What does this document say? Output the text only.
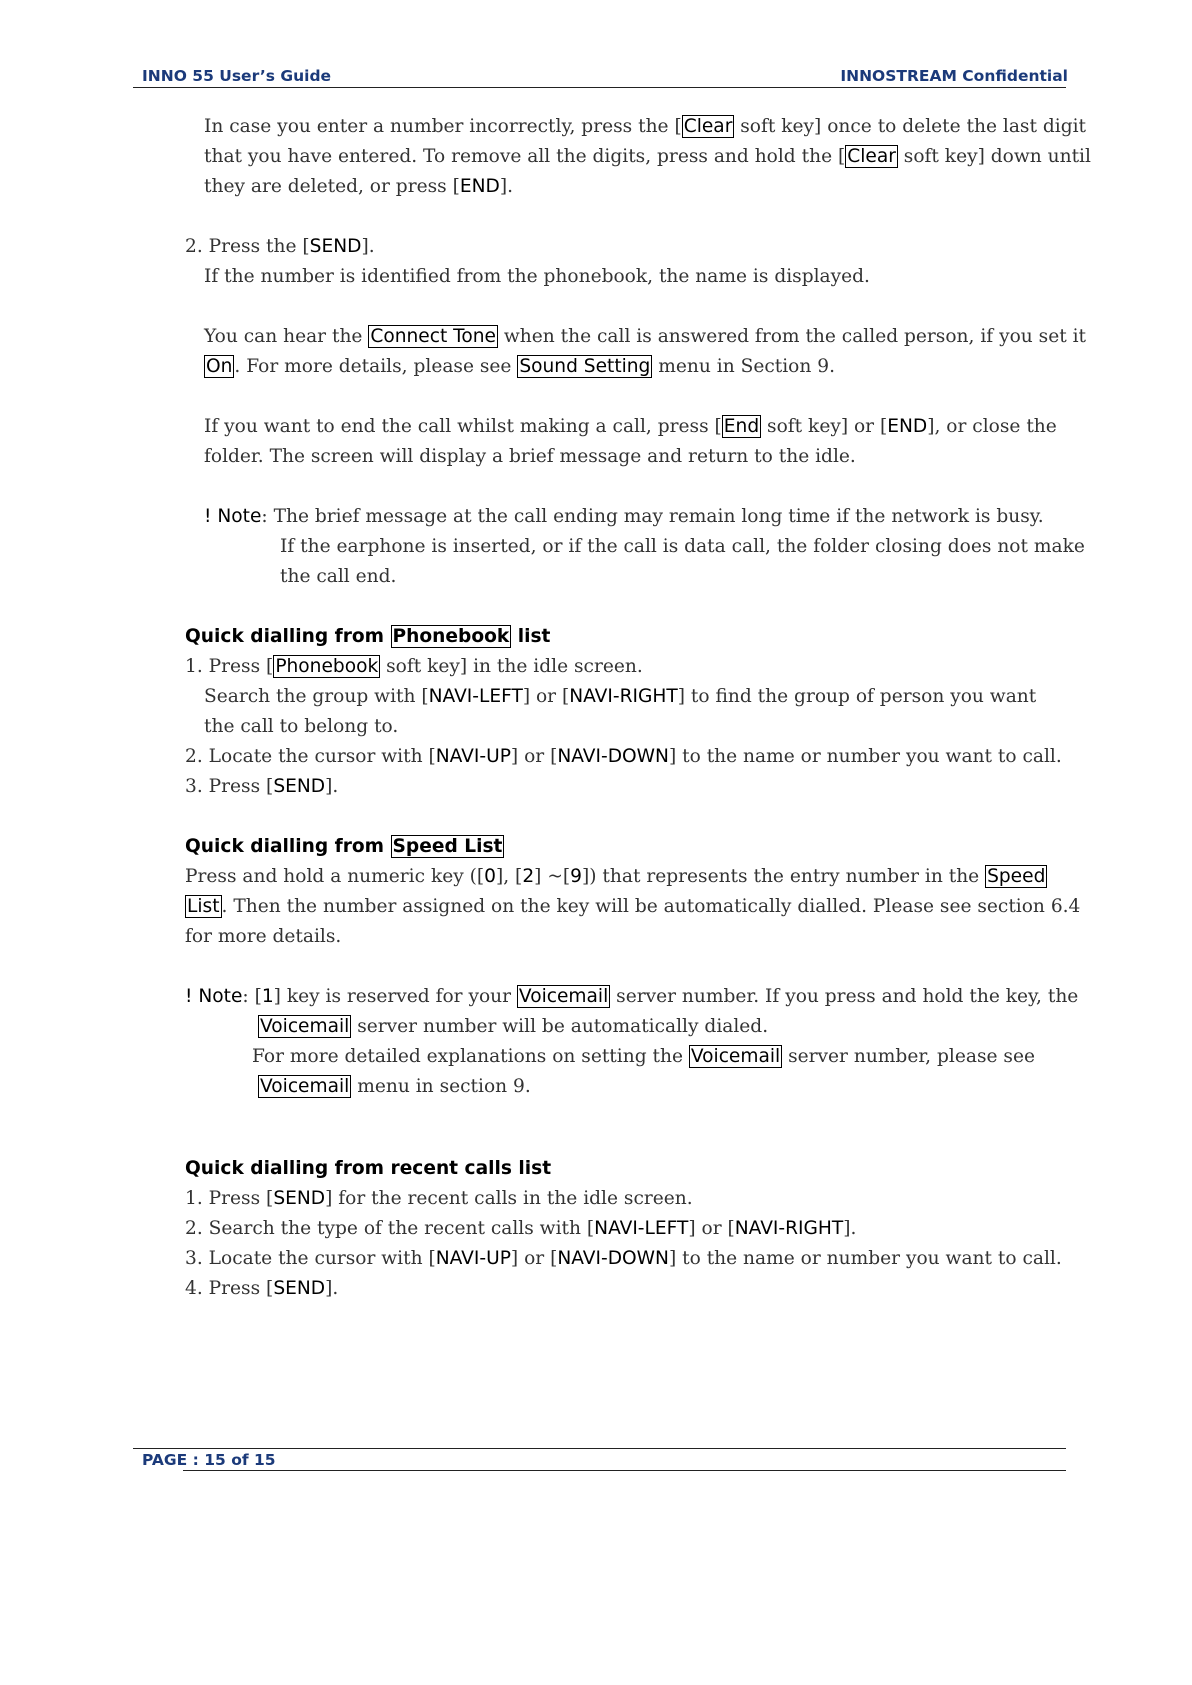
INNO 55 User’s Guide	INNOSTREAM Confidential
In case you enter a number incorrectly, press the [ Clear soft key] once to delete the last digit
that you have entered. To remove all the digits, press and hold the [ Clear soft key] down until
they are deleted, or press [END].
2. Press the [SEND].
If the number is identified from the phonebook, the name is displayed.
You can hear the Connect Tone when the call is answered from the called person, if you set it
On . For more details, please see Sound Setting menu in Section 9.
If you want to end the call whilst making a call, press [ End soft key] or [END], or close the
folder. The screen will display a brief message and return to the idle.
! Note: The brief message at the call ending may remain long time if the network is busy.
If the earphone is inserted, or if the call is data call, the folder closing does not make
the call end.
Quick dialling from Phonebook list
1. Press [ Phonebook soft key] in the idle screen.
Search the group with [NAVI-LEFT] or [NAVI-RIGHT] to find the group of person you want
the call to belong to.
2. Locate the cursor with [NAVI-UP] or [NAVI-DOWN] to the name or number you want to call.
3. Press [SEND].
Quick dialling from Speed List
Press and hold a numeric key ([0], [2] ~[9]) that represents the entry number in the Speed
List . Then the number assigned on the key will be automatically dialled. Please see section 6.4
for more details.
! Note: [1] key is reserved for your Voicemail server number. If you press and hold the key, the
Voicemail server number will be automatically dialed.
For more detailed explanations on setting the Voicemail server number, please see
Voicemail menu in section 9.
Quick dialling from recent calls list
1. Press [SEND] for the recent calls in the idle screen.
2. Search the type of the recent calls with [NAVI-LEFT] or [NAVI-RIGHT].
3. Locate the cursor with [NAVI-UP] or [NAVI-DOWN] to the name or number you want to call.
4. Press [SEND].
PAGE : 15 of 15
